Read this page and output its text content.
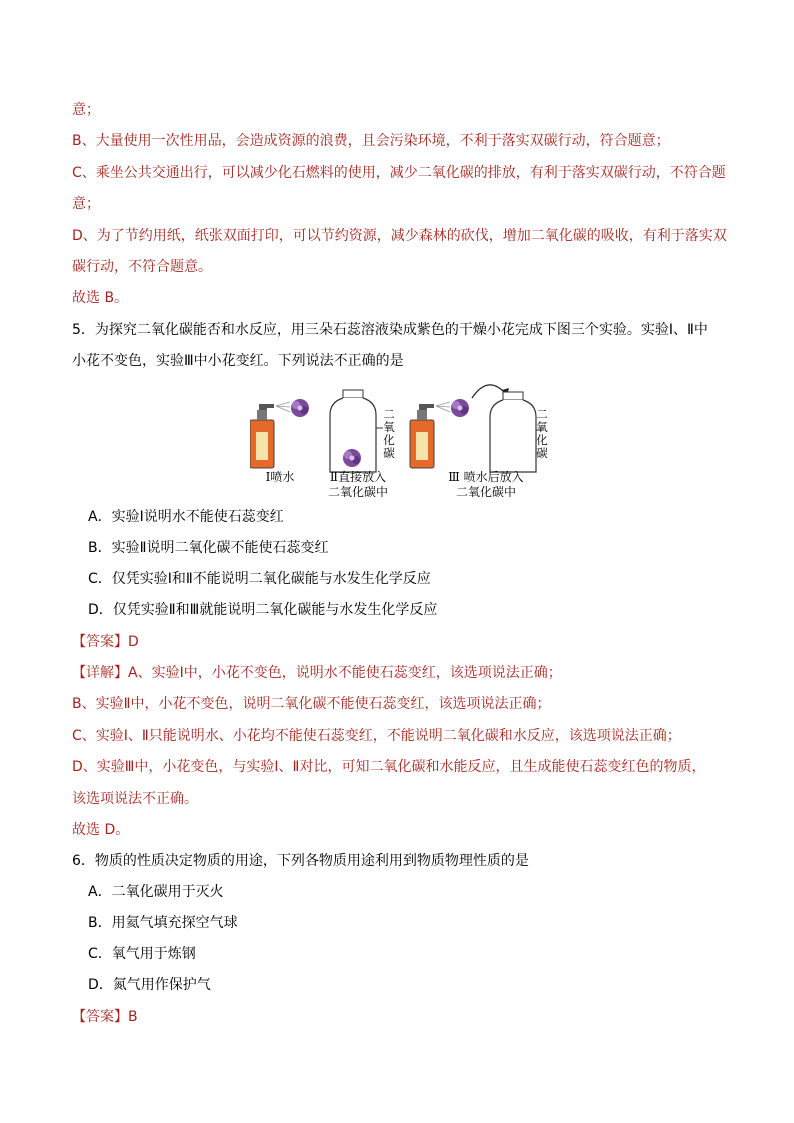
意；
B、大量使用一次性用品，会造成资源的浪费，且会污染环境，不利于落实双碳行动，符合题意；
C、乘坐公共交通出行，可以减少化石燃料的使用，减少二氧化碳的排放，有利于落实双碳行动，不符合题
意；
D、为了节约用纸，纸张双面打印，可以节约资源，减少森林的砍伐，增加二氧化碳的吸收，有利于落实双
碳行动，不符合题意。
故选 B。
5．为探究二氧化碳能否和水反应，用三朵石蕊溶液染成紫色的干燥小花完成下图三个实验。实验Ⅰ、Ⅱ中
小花不变色，实验Ⅲ中小花变红。下列说法不正确的是
二氧化碳
二氧化碳
Ⅰ喷水	Ⅱ直接放入
二氧化碳中
Ⅲ 喷水后放入
二氧化碳中
A．实验Ⅰ说明水不能使石蕊变红
B．实验Ⅱ说明二氧化碳不能使石蕊变红
C．仅凭实验Ⅰ和Ⅱ不能说明二氧化碳能与水发生化学反应
D．仅凭实验Ⅱ和Ⅲ就能说明二氧化碳能与水发生化学反应
【答案】D
【详解】A、实验Ⅰ中，小花不变色，说明水不能使石蕊变红，该选项说法正确；
B、实验Ⅱ中，小花不变色，说明二氧化碳不能使石蕊变红，该选项说法正确；
C、实验Ⅰ、Ⅱ只能说明水、小花均不能使石蕊变红，不能说明二氧化碳和水反应，该选项说法正确；
D、实验Ⅲ中，小花变色，与实验Ⅰ、Ⅱ对比，可知二氧化碳和水能反应，且生成能使石蕊变红色的物质，
该选项说法不正确。
故选 D。
6．物质的性质决定物质的用途，下列各物质用途利用到物质物理性质的是
A．二氧化碳用于灭火
B．用氦气填充探空气球
C．氧气用于炼钢
D．氮气用作保护气
【答案】B
